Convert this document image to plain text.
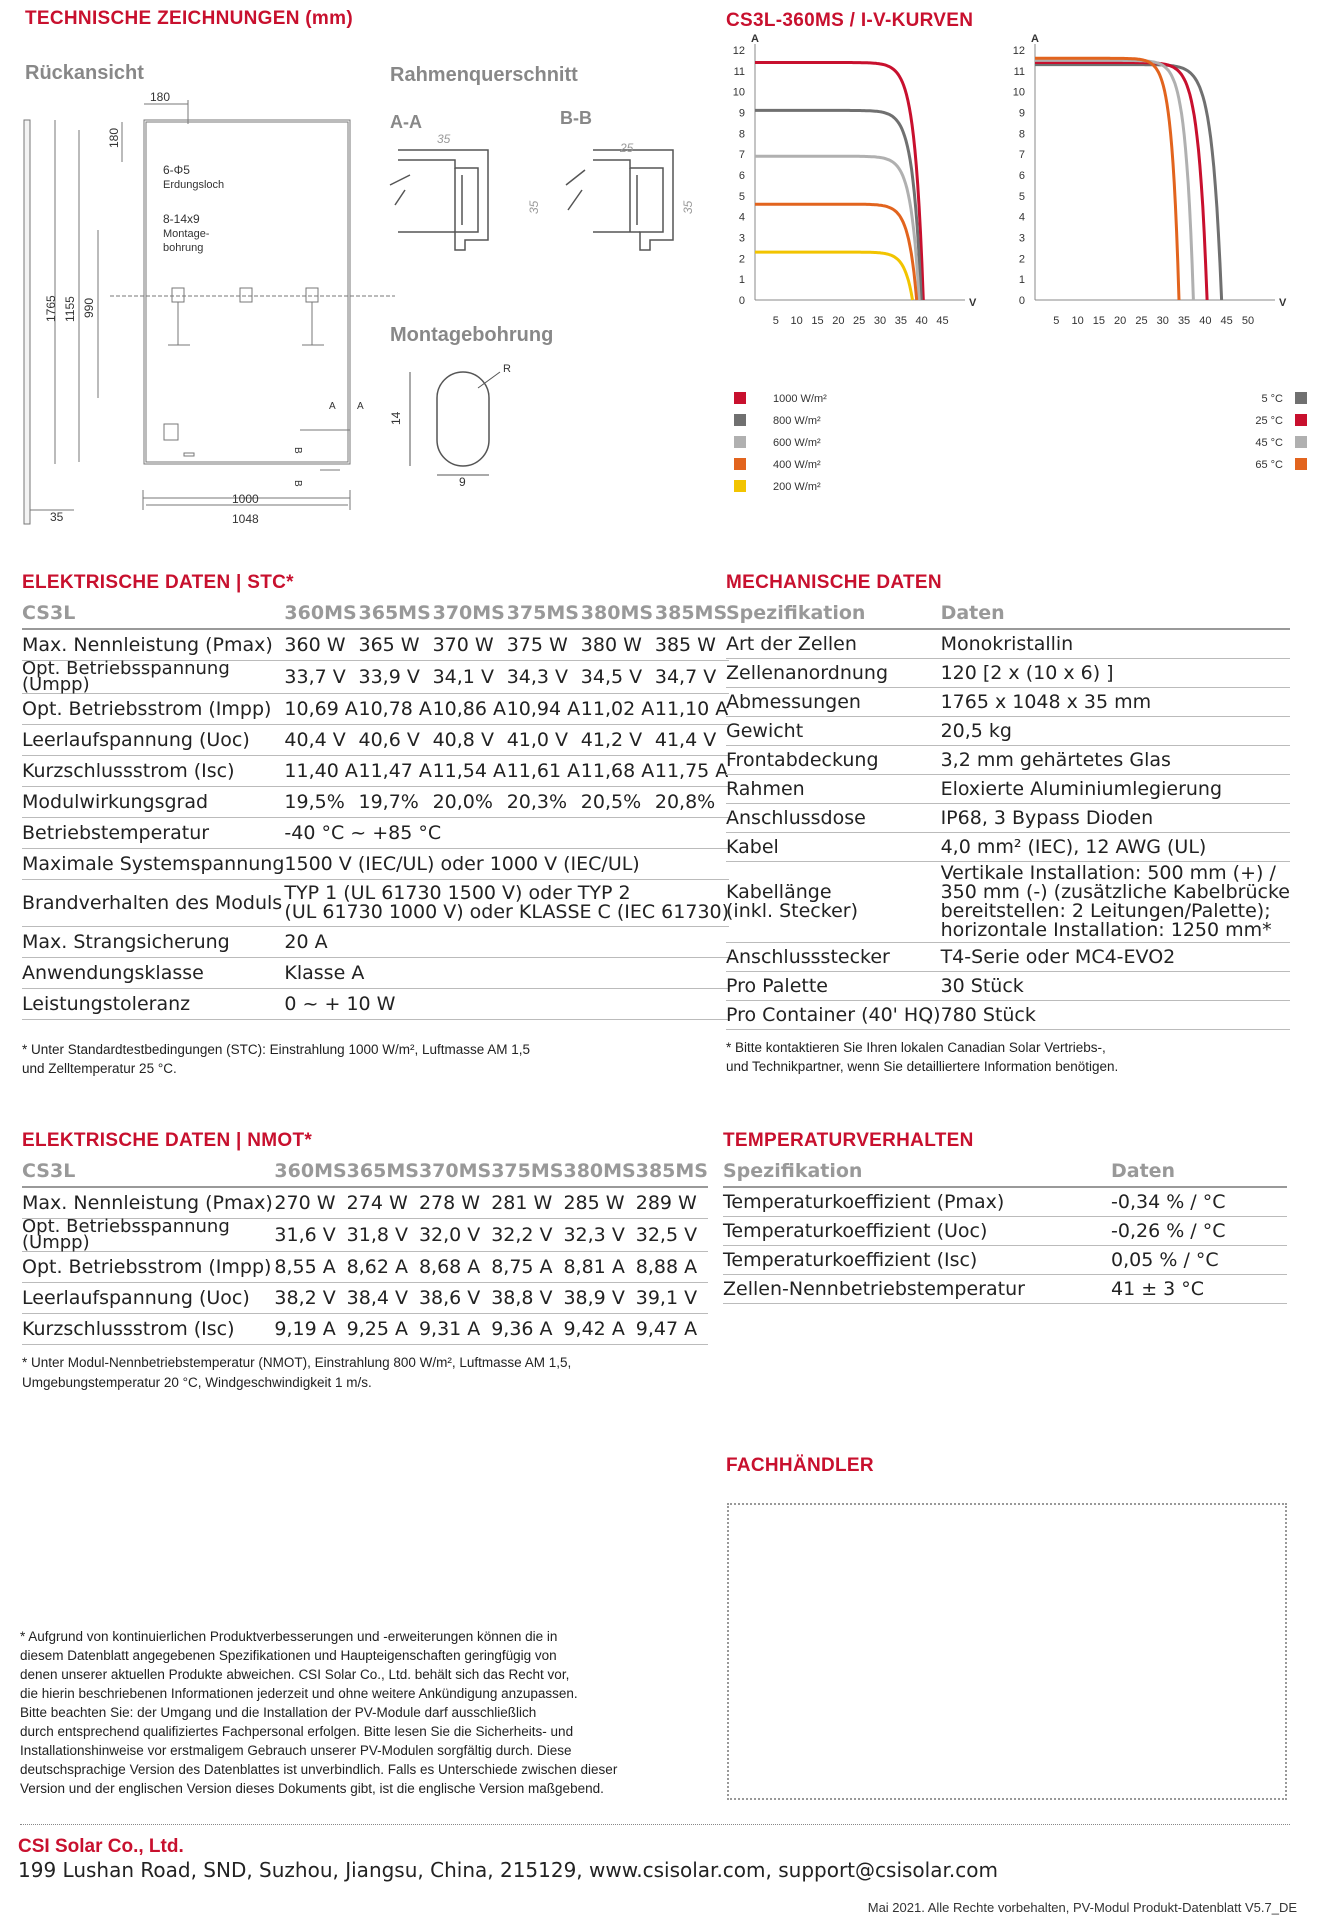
TECHNISCHE ZEICHNUNGEN (mm)
Rückansicht	Rahmenquerschnitt
Montagebohrung
180
180
1765 1155 990
6-Φ5
Erdungsloch
8-14x9
Montage-
bohrung
A A
B
B
35
1000
1048
A-A	B-B
35
35
25
35
14
9
R
CS3L-360MS / I-V-KURVEN
A
V
0
1
2
3
4
5
6
7
8
9
10
11
12
5 10 15 20 25 30 35 40 45
1000 W/m²
800 W/m²
600 W/m²
400 W/m²
200 W/m²
A
V
0
1
2
3
4
5
6
7
8
9
10
11
12
5 10 15 20 25 30 35 40 45 50
5 °C
25 °C
45 °C
65 °C
ELEKTRISCHE DATEN | STC*
CS3L	360MS	365MS	370MS	375MS	380MS	385MS
Max. Nennleistung (Pmax)	360 W	365 W	370 W	375 W	380 W	385 W
Opt. Betriebsspannung
(Umpp)	33,7 V	33,9 V	34,1 V	34,3 V	34,5 V	34,7 V
Opt. Betriebsstrom (Impp)	10,69 A	10,78 A	10,86 A	10,94 A	11,02 A	11,10 A
Leerlaufspannung (Uoc)	40,4 V	40,6 V	40,8 V	41,0 V	41,2 V	41,4 V
Kurzschlussstrom (Isc)	11,40 A	11,47 A	11,54 A	11,61 A	11,68 A	11,75 A
Modulwirkungsgrad	19,5%	19,7%	20,0%	20,3%	20,5%	20,8%
Betriebstemperatur	-40 °C ~ +85 °C					
Maximale Systemspannung	1500 V (IEC/UL) oder 1000 V (IEC/UL)					
Brandverhalten des Moduls	TYP 1 (UL 61730 1500 V) oder TYP 2
(UL 61730 1000 V) oder KLASSE C (IEC 61730)					
Max. Strangsicherung	20 A					
Anwendungsklasse	Klasse A					
Leistungstoleranz	0 ~ + 10 W					
* Unter Standardtestbedingungen (STC): Einstrahlung 1000 W/m², Luftmasse AM 1,5
und Zelltemperatur 25 °C.
MECHANISCHE DATEN
Spezifikation	Daten
Art der Zellen	Monokristallin
Zellenanordnung	120 [2 x (10 x 6) ]
Abmessungen	1765 x 1048 x 35 mm
Gewicht	20,5 kg
Frontabdeckung	3,2 mm gehärtetes Glas
Rahmen	Eloxierte Aluminiumlegierung
Anschlussdose	IP68, 3 Bypass Dioden
Kabel	4,0 mm² (IEC), 12 AWG (UL)
Kabellänge
(inkl. Stecker)	Vertikale Installation: 500 mm (+) /
350 mm (-) (zusätzliche Kabelbrücke
bereitstellen: 2 Leitungen/Palette);
horizontale Installation: 1250 mm*
Anschlussstecker	T4-Serie oder MC4-EVO2
Pro Palette	30 Stück
Pro Container (40' HQ)	780 Stück
* Bitte kontaktieren Sie Ihren lokalen Canadian Solar Vertriebs-,
und Technikpartner, wenn Sie detailliertere Information benötigen.
ELEKTRISCHE DATEN | NMOT*
CS3L	360MS	365MS	370MS	375MS	380MS	385MS
Max. Nennleistung (Pmax)	270 W	274 W	278 W	281 W	285 W	289 W
Opt. Betriebsspannung
(Umpp)	31,6 V	31,8 V	32,0 V	32,2 V	32,3 V	32,5 V
Opt. Betriebsstrom (Impp)	8,55 A	8,62 A	8,68 A	8,75 A	8,81 A	8,88 A
Leerlaufspannung (Uoc)	38,2 V	38,4 V	38,6 V	38,8 V	38,9 V	39,1 V
Kurzschlussstrom (Isc)	9,19 A	9,25 A	9,31 A	9,36 A	9,42 A	9,47 A
* Unter Modul-Nennbetriebstemperatur (NMOT), Einstrahlung 800 W/m², Luftmasse AM 1,5,
Umgebungstemperatur 20 °C, Windgeschwindigkeit 1 m/s.
TEMPERATURVERHALTEN
Spezifikation	Daten
Temperaturkoeffizient (Pmax)	-0,34 % / °C
Temperaturkoeffizient (Uoc)	-0,26 % / °C
Temperaturkoeffizient (Isc)	0,05 % / °C
Zellen-Nennbetriebstemperatur	41 ± 3 °C
FACHHÄNDLER
* Aufgrund von kontinuierlichen Produktverbesserungen und -erweiterungen können die in
diesem Datenblatt angegebenen Spezifikationen und Haupteigenschaften geringfügig von
denen unserer aktuellen Produkte abweichen. CSI Solar Co., Ltd. behält sich das Recht vor,
die hierin beschriebenen Informationen jederzeit und ohne weitere Ankündigung anzupassen.
Bitte beachten Sie: der Umgang und die Installation der PV-Module darf ausschließlich
durch entsprechend qualifiziertes Fachpersonal erfolgen. Bitte lesen Sie die Sicherheits- und
Installationshinweise vor erstmaligem Gebrauch unserer PV-Modulen sorgfältig durch. Diese
deutschsprachige Version des Datenblattes ist unverbindlich. Falls es Unterschiede zwischen dieser
Version und der englischen Version dieses Dokuments gibt, ist die englische Version maßgebend.
CSI Solar Co., Ltd.
199 Lushan Road, SND, Suzhou, Jiangsu, China, 215129, www.csisolar.com, support@csisolar.com
Mai 2021. Alle Rechte vorbehalten, PV-Modul Produkt-Datenblatt V5.7_DE
